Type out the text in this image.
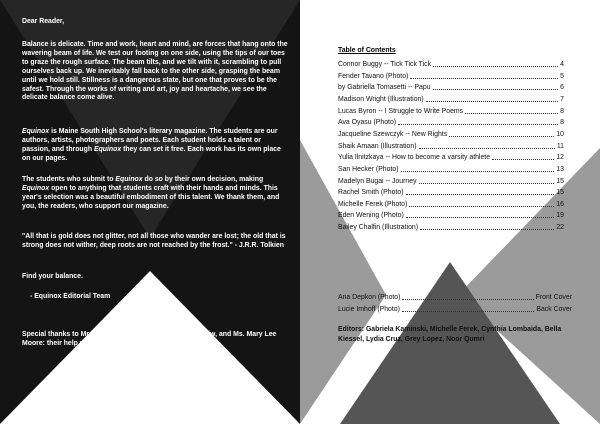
Dear Reader,
Balance is delicate. Time and work, heart and mind, are forces that hang onto the wavering beam of life. We test our footing on one side, using the tips of our toes to graze the rough surface. The beam tilts, and we tilt with it, scrambling to pull ourselves back up. We inevitably fall back to the other side, grasping the beam until we hold still. Stillness is a dangerous state, but one that proves to be the safest. Through the works of writing and art, joy and heartache, we see the delicate balance come alive.
Equinox is Maine South High School's literary magazine. The students are our authors, artists, photographers and poets. Each student holds a talent or passion, and through Equinox they can set it free. Each work has its own place on our pages.
The students who submit to Equinox do so by their own decision, making Equinox open to anything that students craft with their hands and minds. This year's selection was a beautiful embodiment of this talent. We thank them, and you, the readers, who support our magazine.
"All that is gold does not glitter, not all those who wander are lost; the old that is strong does not wither, deep roots are not reached by the frost." - J.R.R. Tolkien
Find your balance.
- Equinox Editorial Team
Special thanks to Mr. Greg Regalado, Ms. Cherie Lemankiw, and Ms. Mary Lee Moore: their help was invaluable!
Table of Contents
Connor Buggy -- Tick Tick Tick	4
Fender Tavano (Photo)	5
by Gabriella Tomasetti -- Papu	6
Madison Wright (Illustration)	7
Lucas Byron -- I Struggle to Write Poems	8
Ava Oyasu (Photo)	8
Jacqueline Szewczyk -- New Rights	10
Shaik Amaan (Illustration)	11
Yulia Ilnitzkaya -- How to become a varsity athlete	12
San Hecker (Photo)	13
Madelyn Bugai -- Journey	15
Rachel Smith (Photo)	15
Michelle Ferek (Photo)	16
Eden Wening (Photo)	19
Bailey Chalfin (Illustration)	22
Ana Depkon (Photo)	Front Cover
Lucie Imhoff (Photo)	Back Cover
Editors: Gabriela Kaminski, Michelle Ferek, Cynthia Lombaida, Bella Kiessel, Lydia Cruz, Grey Lopez, Noor Qumri
